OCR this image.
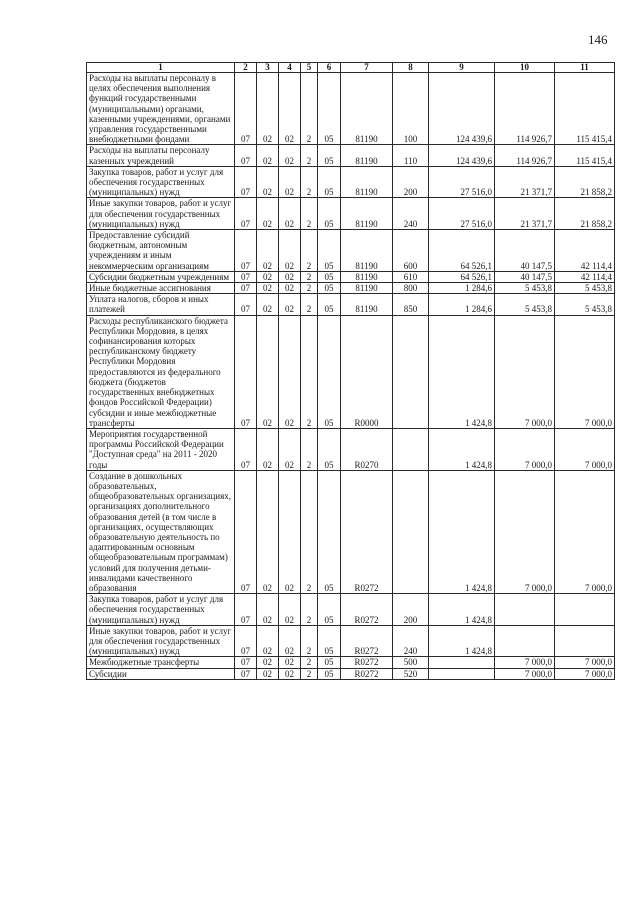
146
1	2	3	4	5	6	7	8	9	10	11
Расходы на выплаты персоналу в целях обеспечения выполнения функций государственными (муниципальными) органами, казенными учреждениями, органами управления государственными внебюджетными фондами	07	02	02	2	05	81190	100	124 439,6	114 926,7	115 415,4
Расходы на выплаты персоналу казенных учреждений	07	02	02	2	05	81190	110	124 439,6	114 926,7	115 415,4
Закупка товаров, работ и услуг для обеспечения государственных (муниципальных) нужд	07	02	02	2	05	81190	200	27 516,0	21 371,7	21 858,2
Иные закупки товаров, работ и услуг для обеспечения государственных (муниципальных) нужд	07	02	02	2	05	81190	240	27 516,0	21 371,7	21 858,2
Предоставление субсидий бюджетным, автономным учреждениям и иным некоммерческим организациям	07	02	02	2	05	81190	600	64 526,1	40 147,5	42 114,4
Субсидии бюджетным учреждениям	07	02	02	2	05	81190	610	64 526,1	40 147,5	42 114,4
Иные бюджетные ассигнования	07	02	02	2	05	81190	800	1 284,6	5 453,8	5 453,8
Уплата налогов, сборов и иных платежей	07	02	02	2	05	81190	850	1 284,6	5 453,8	5 453,8
Расходы республиканского бюджета Республики Мордовия, в целях софинансирования которых республиканскому бюджету Республики Мордовия предоставляются из федерального бюджета (бюджетов государственных внебюджетных фондов Российской Федерации) субсидии и иные межбюджетные трансферты	07	02	02	2	05	R0000		1 424,8	7 000,0	7 000,0
Мероприятия государственной программы Российской Федерации "Доступная среда" на 2011 - 2020 годы	07	02	02	2	05	R0270		1 424,8	7 000,0	7 000,0
Создание в дошкольных образовательных, общеобразовательных организациях, организациях дополнительного образования детей (в том числе в организациях, осуществляющих образовательную деятельность по адаптированным основным общеобразовательным программам) условий для получения детьми-инвалидами качественного образования	07	02	02	2	05	R0272		1 424,8	7 000,0	7 000,0
Закупка товаров, работ и услуг для обеспечения государственных (муниципальных) нужд	07	02	02	2	05	R0272	200	1 424,8		
Иные закупки товаров, работ и услуг для обеспечения государственных (муниципальных) нужд	07	02	02	2	05	R0272	240	1 424,8		
Межбюджетные трансферты	07	02	02	2	05	R0272	500		7 000,0	7 000,0
Субсидии	07	02	02	2	05	R0272	520		7 000,0	7 000,0
